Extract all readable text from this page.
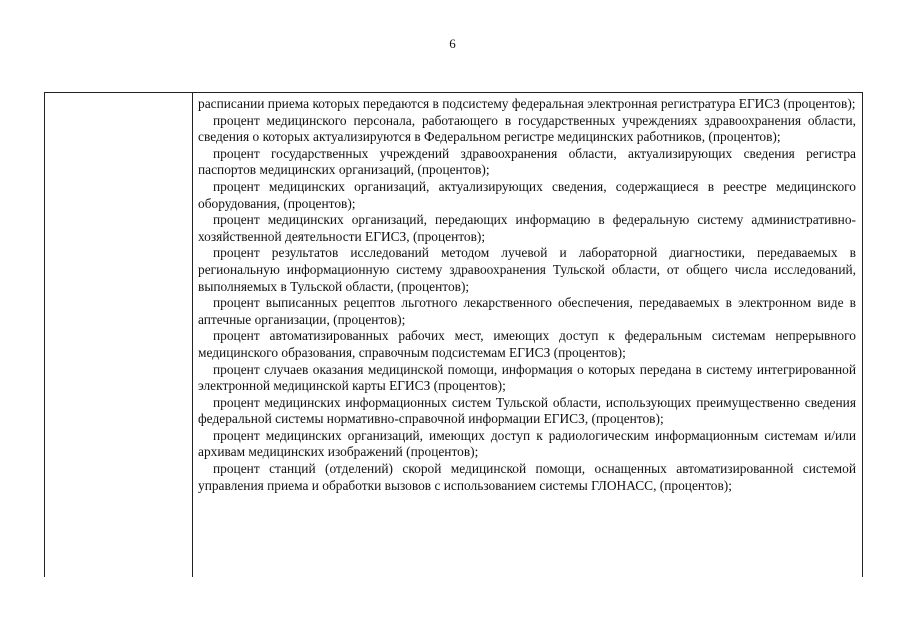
6

расписании приема которых передаются в подсистему федеральная электронная регистратура ЕГИСЗ (процентов);

процент медицинского персонала, работающего в государственных учреждениях здравоохранения области, сведения о которых актуализируются в Федеральном регистре медицинских работников, (процентов);

процент государственных учреждений здравоохранения области, актуализирующих сведения регистра паспортов медицинских организаций, (процентов);

процент медицинских организаций, актуализирующих сведения, содержащиеся в реестре медицинского оборудования, (процентов);

процент медицинских организаций, передающих информацию в федеральную систему административно-хозяйственной деятельности ЕГИСЗ, (процентов);

процент результатов исследований методом лучевой и лабораторной диагностики, передаваемых в региональную информационную систему здравоохранения Тульской области, от общего числа исследований, выполняемых в Тульской области, (процентов);

процент выписанных рецептов льготного лекарственного обеспечения, передаваемых в электронном виде в аптечные организации, (процентов);

процент автоматизированных рабочих мест, имеющих доступ к федеральным системам непрерывного медицинского образования, справочным подсистемам ЕГИСЗ (процентов);

процент случаев оказания медицинской помощи, информация о которых передана в систему интегрированной электронной медицинской карты ЕГИСЗ (процентов);

процент медицинских информационных систем Тульской области, использующих преимущественно сведения федеральной системы нормативно-справочной информации ЕГИСЗ, (процентов);

процент медицинских организаций, имеющих доступ к радиологическим информационным системам и/или архивам медицинских изображений (процентов);

процент станций (отделений) скорой медицинской помощи, оснащенных автоматизированной системой управления приема и обработки вызовов с использованием системы ГЛОНАСС, (процентов);
